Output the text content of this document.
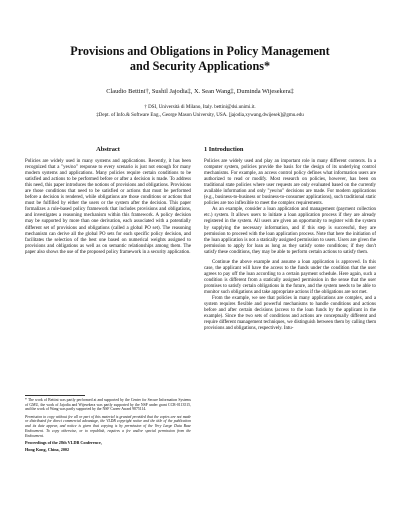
Provisions and Obligations in Policy Management
and Security Applications*
Claudio Bettini†, Sushil Jajodia‡, X. Sean Wang‡, Duminda Wijesekera‡
† DSI, Università di Milano, Italy. bettini@dsi.unimi.it.
‡Dept. of Info.& Software Eng., George Mason University, USA. [jajodia,xywang,dwijesek]@gmu.edu
Abstract
Policies are widely used in many systems and applications. Recently, it has been recognized that a "yes/no" response to every scenario is just not enough for many modern systems and applications. Many policies require certain conditions to be satisfied and actions to be performed before or after a decision is made. To address this need, this paper introduces the notions of provisions and obligations. Provisions are those conditions that need to be satisfied or actions that must be performed before a decision is rendered, while obligations are those conditions or actions that must be fulfilled by either the users or the system after the decision. This paper formalizes a rule-based policy framework that includes provisions and obligations, and investigates a reasoning mechanism within this framework. A policy decision may be supported by more than one derivation, each associated with a potentially different set of provisions and obligations (called a global PO set). The reasoning mechanism can derive all the global PO sets for each specific policy decision, and facilitates the selection of the best one based on numerical weights assigned to provisions and obligations as well as on semantic relationships among them. The paper also shows the use of the proposed policy framework in a security application.

* The work of Bettini was partly performed at and supported by the Center for Secure Information Systems of GMU, the work of Jajodia and Wijesekera was partly supported by the NSF under grant CCR-0113515, and the work of Wang was partly supported by the NSF Career Award 9875114.

Permission to copy without fee all or part of this material is granted provided that the copies are not made or distributed for direct commercial advantage, the VLDB copyright notice and the title of the publication and its date appear, and notice is given that copying is by permission of the Very Large Data Base Endowment. To copy otherwise, or to republish, requires a fee and/or special permission from the Endowment.

Proceedings of the 28th VLDB Conference,

Hong Kong, China, 2002

1 Introduction
Policies are widely used and play an important role in many different contexts. In a computer system, policies provide the basis for the design of its underlying control mechanisms. For example, an access control policy defines what information users are authorized to read or modify. Most research on policies, however, has been on traditional state policies where user requests are only evaluated based on the currently available information and only "yes/no" decisions are made. For modern applications (e.g., business-to-business or business-to-consumer applications), such traditional static policies are too inflexible to meet the complex requirements.
As an example, consider a loan application and management (payment collection etc.) system. It allows users to initiate a loan application process if they are already registered in the system. All users are given an opportunity to register with the system by supplying the necessary information, and if this step is successful, they are permission to proceed with the loan application process. Note that here the initiation of the loan application is not a statically assigned permission to users. Users are given the permission to apply for loan as long as they satisfy some conditions; if they don't satisfy these conditions, they may be able to perform certain actions to satisfy them.
Continue the above example and assume a loan application is approved. In this case, the applicant will have the access to the funds under the condition that the user agrees to pay off the loan according to a certain payment schedule. Here again, such a condition is different from a statically assigned permission in the sense that the user promises to satisfy certain obligations in the future, and the system needs to be able to monitor such obligations and take appropriate actions if the obligations are not met.
From the example, we see that policies in many applications are complex, and a system requires flexible and powerful mechanisms to handle conditions and actions before and after certain decisions (access to the loan funds by the applicant in the example). Since the two sets of conditions and actions are conceptually different and require different management techniques, we distinguish between them by calling them provisions and obligations, respectively. Intu-
